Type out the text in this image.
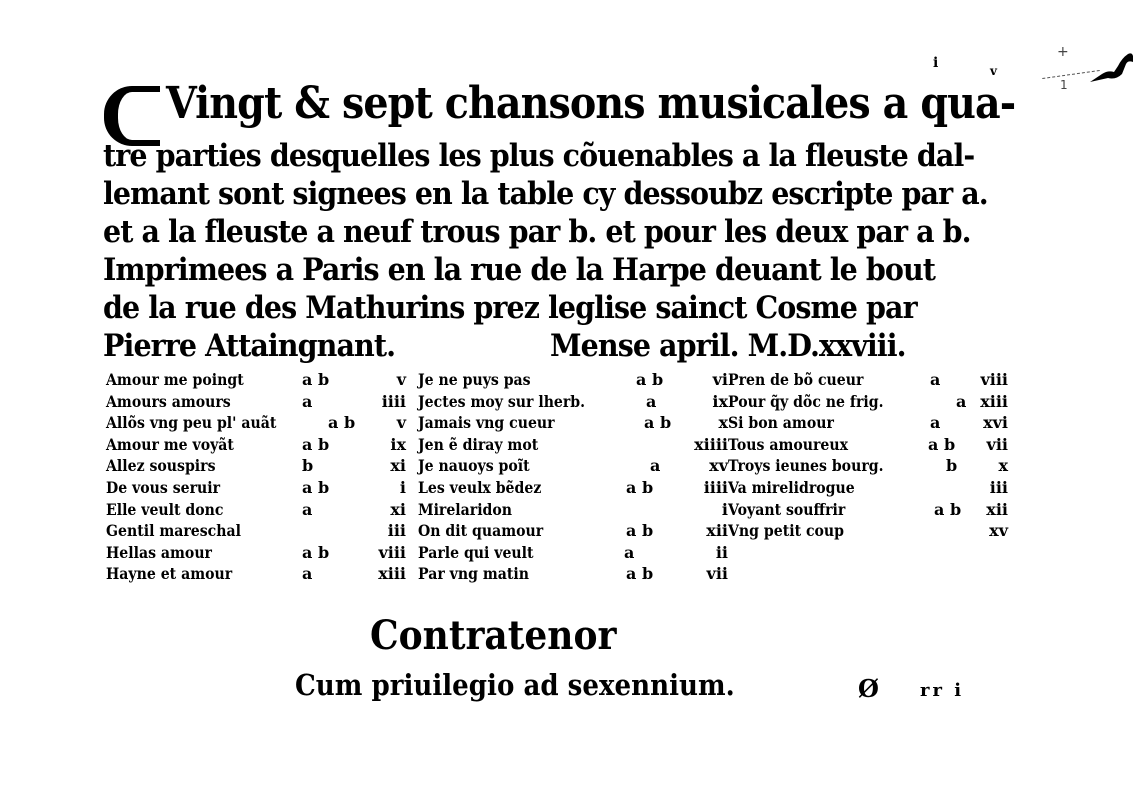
i	v
+
1
Vingt & sept chansons musicales a qua-
tre parties desquelles les plus cõuenables a la fleuste dal-
lemant sont signees en la table cy dessoubz escripte par a.
et a la fleuste a neuf trous par b. et pour les deux par a b.
Imprimees a Paris en la rue de la Harpe deuant le bout
de la rue des Mathurins prez leglise sainct Cosme par
Pierre Attaingnant.	Mense april. M.D.xxviii.
Amour me poingt	a b	v
Amours amours	a	iiii
Allõs vng peu pl' auãt	a b	v
Amour me voyãt	a b	ix
Allez souspirs	b	xi
De vous seruir	a b	i
Elle veult donc	a	xi
Gentil mareschal	iii
Hellas amour	a b	viii
Hayne et amour	a	xiii
Je ne puys pas	a b	vi
Jectes moy sur lherb.	a	ix
Jamais vng cueur	a b	x
Jen ẽ diray mot	xiiii
Je nauoys poĩt	a	xv
Les veulx bẽdez	a b	iiii
Mirelaridon	i
On dit quamour	a b	xii
Parle qui veult	a	ii
Par vng matin	a b	vii
Pren de bõ cueur	a	viii
Pour q̃y dõc ne frig.	a xiii
Si bon amour	a	xvi
Tous amoureux	a b	vii
Troys ieunes bourg.	b	x
Va mirelidrogue	iii
Voyant souffrir	a b	xii
Vng petit coup	xv
Contratenor
Cum priuilegio ad sexennium.	Ø rr i
